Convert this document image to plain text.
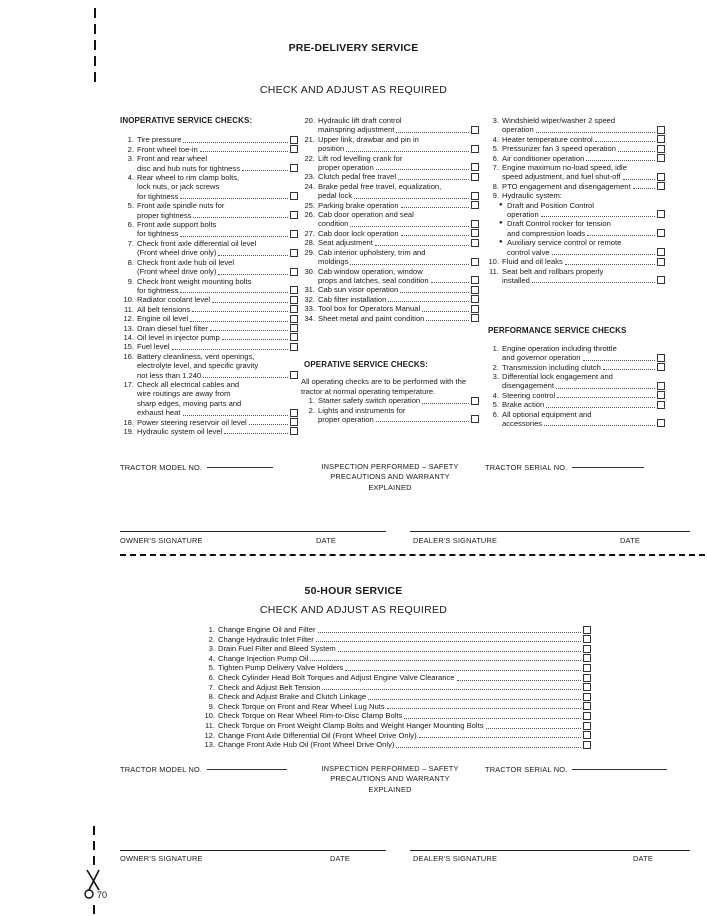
PRE-DELIVERY SERVICE
CHECK AND ADJUST AS REQUIRED
INOPERATIVE SERVICE CHECKS:
1. Tire pressure
2. Front wheel toe-in
3. Front and rear wheel
disc and hub nuts for tightness
4. Rear wheel to rim clamp bolts,
lock nuts, or jack screws
for tightness
5. Front axle spindle nuts for
proper tightness
6. Front axle support bolts
for tightness
7. Check front axle differential oil level
(Front wheel drive only)
8. Check front axle hub oil level
(Front wheel drive only)
9. Check front weight mounting bolts
for tightness
10. Radiator coolant level
11. All belt tensions
12. Engine oil level
13. Drain diesel fuel filter
14. Oil level in injector pump
15. Fuel level
16. Battery cleanliness, vent openings,
electrolyte level, and specific gravity
not less than 1.240
17. Check all electrical cables and
wire routings are away from
sharp edges, moving parts and
exhaust heat
18. Power steering reservoir oil level
19. Hydraulic system oil level
20. Hydraulic lift draft control
mainspring adjustment
21. Upper link, drawbar and pin in
position
22. Lift rod levelling crank for
proper operation
23. Clutch pedal free travel
24. Brake pedal free travel, equalization,
pedal lock
25. Parking brake operation
26. Cab door operation and seal
condition
27. Cab door lock operation
28. Seat adjustment
29. Cab interior upholstery, trim and
moldings
30. Cab window operation, window
props and latches, seal condition
31. Cab sun visor operation
32. Cab filter installation
33. Tool box for Operators Manual
34. Sheet metal and paint condition
OPERATIVE SERVICE CHECKS:
All operating checks are to be performed with the tractor at normal operating temperature.
1. Starter safety switch operation
2. Lights and instruments for
proper operation
3. Windshield wiper/washer 2 speed
operation
4. Heater temperature control
5. Pressurizer fan 3 speed operation
6. Air conditioner operation
7. Engine maximum no-load speed, idle
speed adjustment, and fuel shut-off
8. PTO engagement and disengagement
9. Hydraulic system:
● Draft and Position Control
operation
● Draft Control rocker for tension
and compression loads
● Auxiliary service control or remote
control valve
10. Fluid and oil leaks
11. Seat belt and rollbars properly
installed
PERFORMANCE SERVICE CHECKS
1. Engine operation including throttle
and governor operation
2. Transmission including clutch
3. Differential lock engagement and
disengagement
4. Steering control
5. Brake action
6. All optional equipment and
accessories
TRACTOR MODEL NO.	INSPECTION PERFORMED – SAFETY
PRECAUTIONS AND WARRANTY
EXPLAINED
TRACTOR SERIAL NO.
OWNER'S SIGNATURE	DATE	DEALER'S SIGNATURE	DATE
50-HOUR SERVICE
CHECK AND ADJUST AS REQUIRED
1. Change Engine Oil and Filter
2. Change Hydraulic Inlet Filter
3. Drain Fuel Filter and Bleed System
4. Change Injection Pump Oil
5. Tighten Pump Delivery Valve Holders
6. Check Cylinder Head Bolt Torques and Adjust Engine Valve Clearance
7. Check and Adjust Belt Tension
8. Check and Adjust Brake and Clutch Linkage
9. Check Torque on Front and Rear Wheel Lug Nuts
10. Check Torque on Rear Wheel Rim-to-Disc Clamp Bolts
11. Check Torque on Front Weight Clamp Bolts and Weight Hanger Mounting Bolts
12. Change Front Axle Differential Oil (Front Wheel Drive Only)
13. Change Front Axle Hub Oil (Front Wheel Drive Only)
TRACTOR MODEL NO.	INSPECTION PERFORMED – SAFETY
PRECAUTIONS AND WARRANTY
EXPLAINED
TRACTOR SERIAL NO.
OWNER'S SIGNATURE	DATE	DEALER'S SIGNATURE	DATE
70
